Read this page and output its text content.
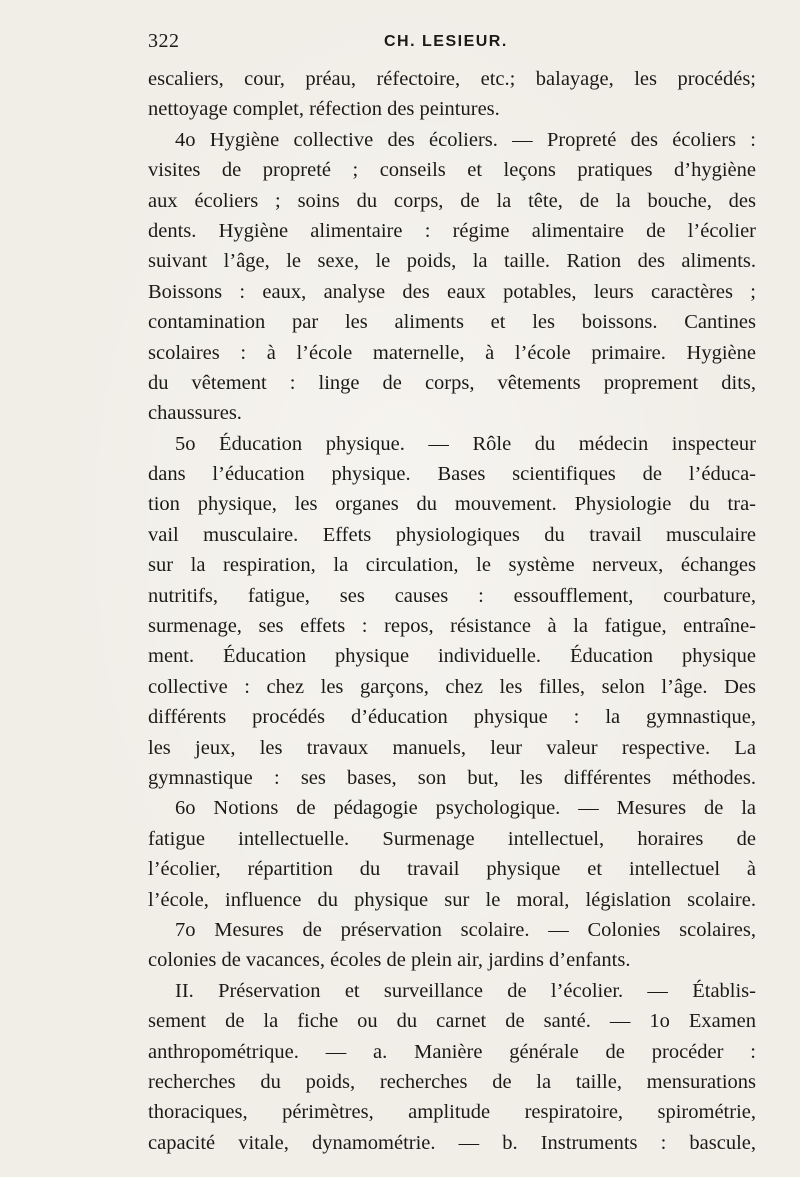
322	CH. LESIEUR.
escaliers, cour, préau, réfectoire, etc.; balayage, les procédés;
nettoyage complet, réfection des peintures.
4o Hygiène collective des écoliers. — Propreté des écoliers :
visites de propreté ; conseils et leçons pratiques d’hygiène
aux écoliers ; soins du corps, de la tête, de la bouche, des
dents. Hygiène alimentaire : régime alimentaire de l’écolier
suivant l’âge, le sexe, le poids, la taille. Ration des aliments.
Boissons : eaux, analyse des eaux potables, leurs caractères ;
contamination par les aliments et les boissons. Cantines
scolaires : à l’école maternelle, à l’école primaire. Hygiène
du vêtement : linge de corps, vêtements proprement dits,
chaussures.
5o Éducation physique. — Rôle du médecin inspecteur
dans l’éducation physique. Bases scientifiques de l’éduca-
tion physique, les organes du mouvement. Physiologie du tra-
vail musculaire. Effets physiologiques du travail musculaire
sur la respiration, la circulation, le système nerveux, échanges
nutritifs, fatigue, ses causes : essoufflement, courbature,
surmenage, ses effets : repos, résistance à la fatigue, entraîne-
ment. Éducation physique individuelle. Éducation physique
collective : chez les garçons, chez les filles, selon l’âge. Des
différents procédés d’éducation physique : la gymnastique,
les jeux, les travaux manuels, leur valeur respective. La
gymnastique : ses bases, son but, les différentes méthodes.
6o Notions de pédagogie psychologique. — Mesures de la
fatigue intellectuelle. Surmenage intellectuel, horaires de
l’écolier, répartition du travail physique et intellectuel à
l’école, influence du physique sur le moral, législation scolaire.
7o Mesures de préservation scolaire. — Colonies scolaires,
colonies de vacances, écoles de plein air, jardins d’enfants.
II. Préservation et surveillance de l’écolier. — Établis-
sement de la fiche ou du carnet de santé. — 1o Examen
anthropométrique. — a. Manière générale de procéder :
recherches du poids, recherches de la taille, mensurations
thoraciques, périmètres, amplitude respiratoire, spirométrie,
capacité vitale, dynamométrie. — b. Instruments : bascule,
